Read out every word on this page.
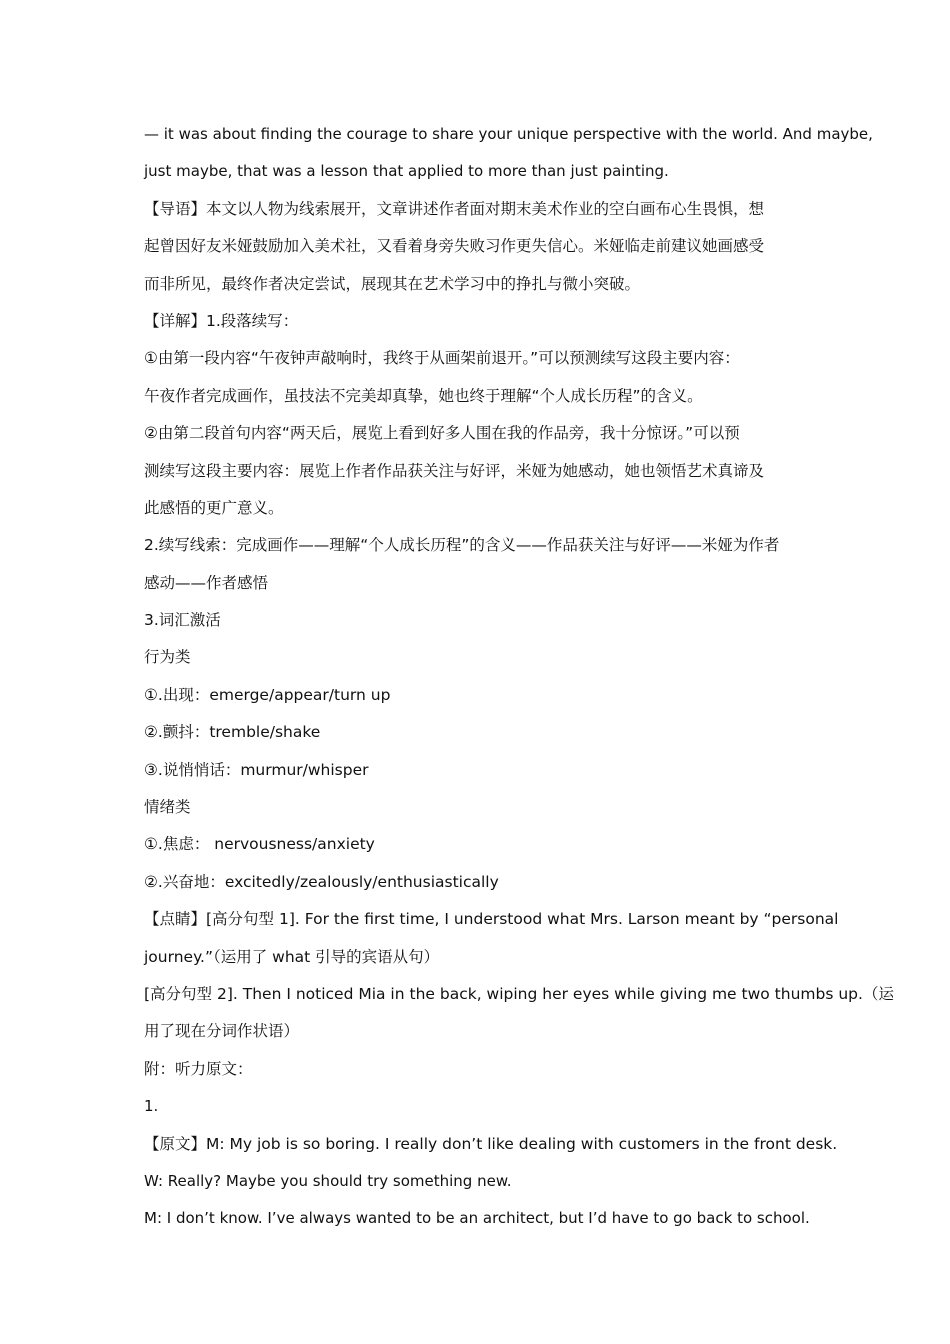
— it was about finding the courage to share your unique perspective with the world. And maybe,
just maybe, that was a lesson that applied to more than just painting.
【导语】本文以人物为线索展开，文章讲述作者面对期末美术作业的空白画布心生畏惧，想
起曾因好友米娅鼓励加入美术社，又看着身旁失败习作更失信心。米娅临走前建议她画感受
而非所见，最终作者决定尝试，展现其在艺术学习中的挣扎与微小突破。
【详解】1.段落续写：
①由第一段内容“午夜钟声敲响时，我终于从画架前退开。”可以预测续写这段主要内容：
午夜作者完成画作，虽技法不完美却真挚，她也终于理解“个人成长历程”的含义。
②由第二段首句内容“两天后，展览上看到好多人围在我的作品旁，我十分惊讶。”可以预
测续写这段主要内容：展览上作者作品获关注与好评，米娅为她感动，她也领悟艺术真谛及
此感悟的更广意义。
2.续写线索：完成画作——理解“个人成长历程”的含义——作品获关注与好评——米娅为作者
感动——作者感悟
3.词汇激活
行为类
①.出现：emerge/appear/turn up
②.颤抖：tremble/shake
③.说悄悄话：murmur/whisper
情绪类
①.焦虑： nervousness/anxiety
②.兴奋地：excitedly/zealously/enthusiastically
【点睛】[高分句型 1]. For the first time, I understood what Mrs. Larson meant by “personal
journey.”（运用了 what 引导的宾语从句）
[高分句型 2]. Then I noticed Mia in the back, wiping her eyes while giving me two thumbs up.（运
用了现在分词作状语）
附：听力原文：
1.
【原文】M: My job is so boring. I really don’t like dealing with customers in the front desk.
W: Really? Maybe you should try something new.
M: I don’t know. I’ve always wanted to be an architect, but I’d have to go back to school.
